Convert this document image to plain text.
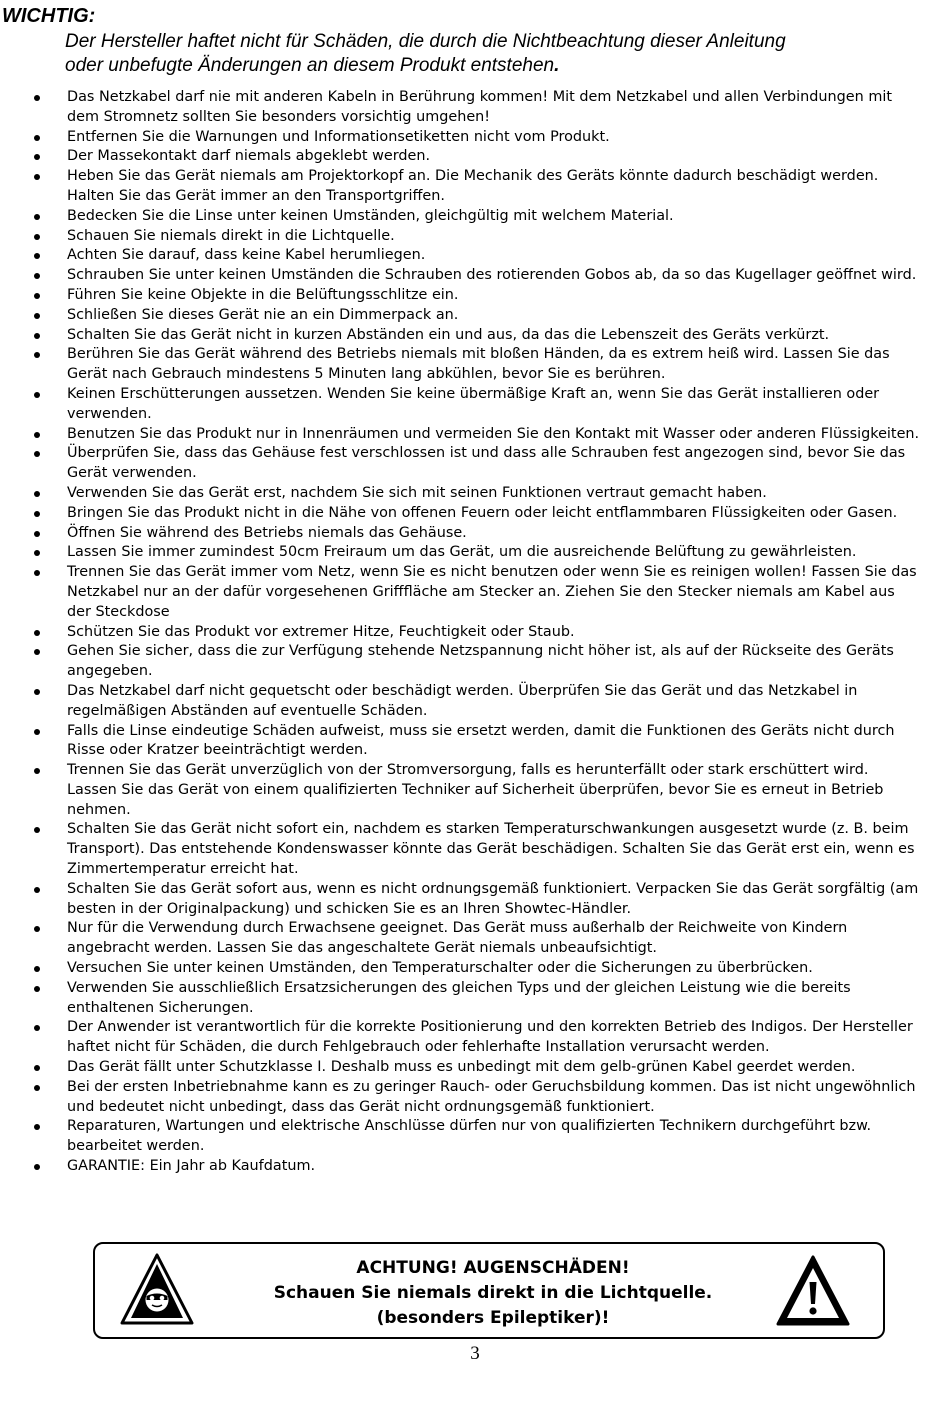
WICHTIG:
Der Hersteller haftet nicht für Schäden, die durch die Nichtbeachtung dieser Anleitung
oder unbefugte Änderungen an diesem Produkt entstehen.
Das Netzkabel darf nie mit anderen Kabeln in Berührung kommen! Mit dem Netzkabel und allen Verbindungen mit dem Stromnetz sollten Sie besonders vorsichtig umgehen!
Entfernen Sie die Warnungen und Informationsetiketten nicht vom Produkt.
Der Massekontakt darf niemals abgeklebt werden.
Heben Sie das Gerät niemals am Projektorkopf an. Die Mechanik des Geräts könnte dadurch beschädigt werden. Halten Sie das Gerät immer an den Transportgriffen.
Bedecken Sie die Linse unter keinen Umständen, gleichgültig mit welchem Material.
Schauen Sie niemals direkt in die Lichtquelle.
Achten Sie darauf, dass keine Kabel herumliegen.
Schrauben Sie unter keinen Umständen die Schrauben des rotierenden Gobos ab, da so das Kugellager geöffnet wird.
Führen Sie keine Objekte in die Belüftungsschlitze ein.
Schließen Sie dieses Gerät nie an ein Dimmerpack an.
Schalten Sie das Gerät nicht in kurzen Abständen ein und aus, da das die Lebenszeit des Geräts verkürzt.
Berühren Sie das Gerät während des Betriebs niemals mit bloßen Händen, da es extrem heiß wird. Lassen Sie das Gerät nach Gebrauch mindestens 5 Minuten lang abkühlen, bevor Sie es berühren.
Keinen Erschütterungen aussetzen. Wenden Sie keine übermäßige Kraft an, wenn Sie das Gerät installieren oder verwenden.
Benutzen Sie das Produkt nur in Innenräumen und vermeiden Sie den Kontakt mit Wasser oder anderen Flüssigkeiten.
Überprüfen Sie, dass das Gehäuse fest verschlossen ist und dass alle Schrauben fest angezogen sind, bevor Sie das Gerät verwenden.
Verwenden Sie das Gerät erst, nachdem Sie sich mit seinen Funktionen vertraut gemacht haben.
Bringen Sie das Produkt nicht in die Nähe von offenen Feuern oder leicht entflammbaren Flüssigkeiten oder Gasen.
Öffnen Sie während des Betriebs niemals das Gehäuse.
Lassen Sie immer zumindest 50cm Freiraum um das Gerät, um die ausreichende Belüftung zu gewährleisten.
Trennen Sie das Gerät immer vom Netz, wenn Sie es nicht benutzen oder wenn Sie es reinigen wollen! Fassen Sie das Netzkabel nur an der dafür vorgesehenen Grifffläche am Stecker an. Ziehen Sie den Stecker niemals am Kabel aus der Steckdose
Schützen Sie das Produkt vor extremer Hitze, Feuchtigkeit oder Staub.
Gehen Sie sicher, dass die zur Verfügung stehende Netzspannung nicht höher ist, als auf der Rückseite des Geräts angegeben.
Das Netzkabel darf nicht gequetscht oder beschädigt werden. Überprüfen Sie das Gerät und das Netzkabel in regelmäßigen Abständen auf eventuelle Schäden.
Falls die Linse eindeutige Schäden aufweist, muss sie ersetzt werden, damit die Funktionen des Geräts nicht durch Risse oder Kratzer beeinträchtigt werden.
Trennen Sie das Gerät unverzüglich von der Stromversorgung, falls es herunterfällt oder stark erschüttert wird. Lassen Sie das Gerät von einem qualifizierten Techniker auf Sicherheit überprüfen, bevor Sie es erneut in Betrieb nehmen.
Schalten Sie das Gerät nicht sofort ein, nachdem es starken Temperaturschwankungen ausgesetzt wurde (z. B. beim Transport). Das entstehende Kondenswasser könnte das Gerät beschädigen. Schalten Sie das Gerät erst ein, wenn es Zimmertemperatur erreicht hat.
Schalten Sie das Gerät sofort aus, wenn es nicht ordnungsgemäß funktioniert. Verpacken Sie das Gerät sorgfältig (am besten in der Originalpackung) und schicken Sie es an Ihren Showtec-Händler.
Nur für die Verwendung durch Erwachsene geeignet. Das Gerät muss außerhalb der Reichweite von Kindern angebracht werden. Lassen Sie das angeschaltete Gerät niemals unbeaufsichtigt.
Versuchen Sie unter keinen Umständen, den Temperaturschalter oder die Sicherungen zu überbrücken.
Verwenden Sie ausschließlich Ersatzsicherungen des gleichen Typs und der gleichen Leistung wie die bereits enthaltenen Sicherungen.
Der Anwender ist verantwortlich für die korrekte Positionierung und den korrekten Betrieb des Indigos. Der Hersteller haftet nicht für Schäden, die durch Fehlgebrauch oder fehlerhafte Installation verursacht werden.
Das Gerät fällt unter Schutzklasse I. Deshalb muss es unbedingt mit dem gelb-grünen Kabel geerdet werden.
Bei der ersten Inbetriebnahme kann es zu geringer Rauch- oder Geruchsbildung kommen. Das ist nicht ungewöhnlich und bedeutet nicht unbedingt, dass das Gerät nicht ordnungsgemäß funktioniert.
Reparaturen, Wartungen und elektrische Anschlüsse dürfen nur von qualifizierten Technikern durchgeführt bzw. bearbeitet werden.
GARANTIE: Ein Jahr ab Kaufdatum.
ACHTUNG! AUGENSCHÄDEN!
Schauen Sie niemals direkt in die Lichtquelle.
(besonders Epileptiker)!
3
